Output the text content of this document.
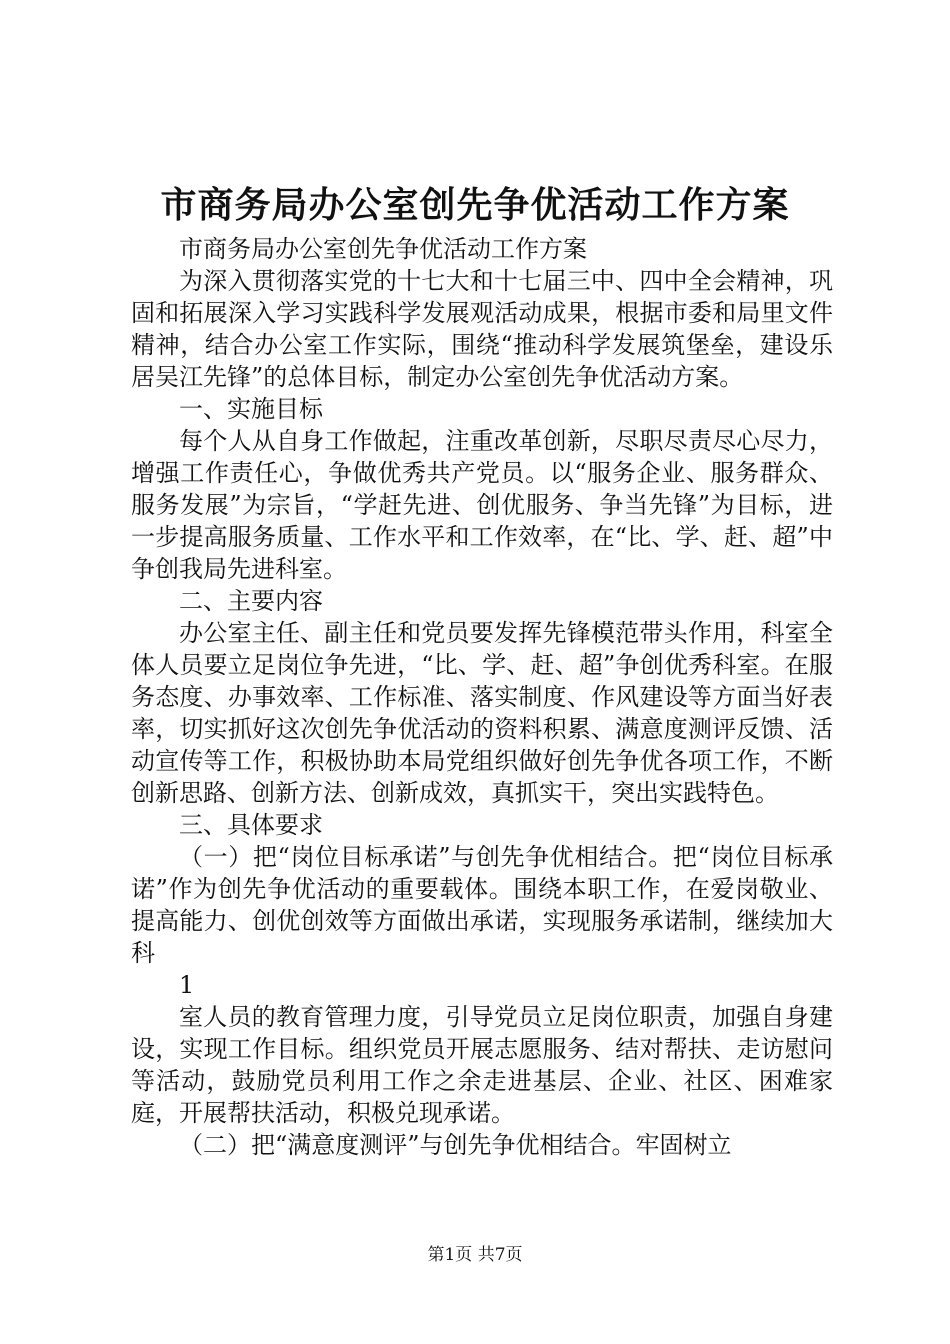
市商务局办公室创先争优活动工作方案

市商务局办公室创先争优活动工作方案

为深入贯彻落实党的十七大和十七届三中、四中全会精神，巩固和拓展深入学习实践科学发展观活动成果，根据市委和局里文件精神，结合办公室工作实际，围绕“推动科学发展筑堡垒，建设乐居吴江先锋”的总体目标，制定办公室创先争优活动方案。

一、实施目标

每个人从自身工作做起，注重改革创新，尽职尽责尽心尽力，增强工作责任心，争做优秀共产党员。以“服务企业、服务群众、服务发展”为宗旨，“学赶先进、创优服务、争当先锋”为目标，进一步提高服务质量、工作水平和工作效率，在“比、学、赶、超”中争创我局先进科室。

二、主要内容

办公室主任、副主任和党员要发挥先锋模范带头作用，科室全体人员要立足岗位争先进，“比、学、赶、超”争创优秀科室。在服务态度、办事效率、工作标准、落实制度、作风建设等方面当好表率，切实抓好这次创先争优活动的资料积累、满意度测评反馈、活动宣传等工作，积极协助本局党组织做好创先争优各项工作，不断创新思路、创新方法、创新成效，真抓实干，突出实践特色。

三、具体要求

（一）把“岗位目标承诺”与创先争优相结合。把“岗位目标承诺”作为创先争优活动的重要载体。围绕本职工作，在爱岗敬业、提高能力、创优创效等方面做出承诺，实现服务承诺制，继续加大科

1

室人员的教育管理力度，引导党员立足岗位职责，加强自身建设，实现工作目标。组织党员开展志愿服务、结对帮扶、走访慰问等活动，鼓励党员利用工作之余走进基层、企业、社区、困难家庭，开展帮扶活动，积极兑现承诺。

（二）把“满意度测评”与创先争优相结合。牢固树立

第1页 共7页
